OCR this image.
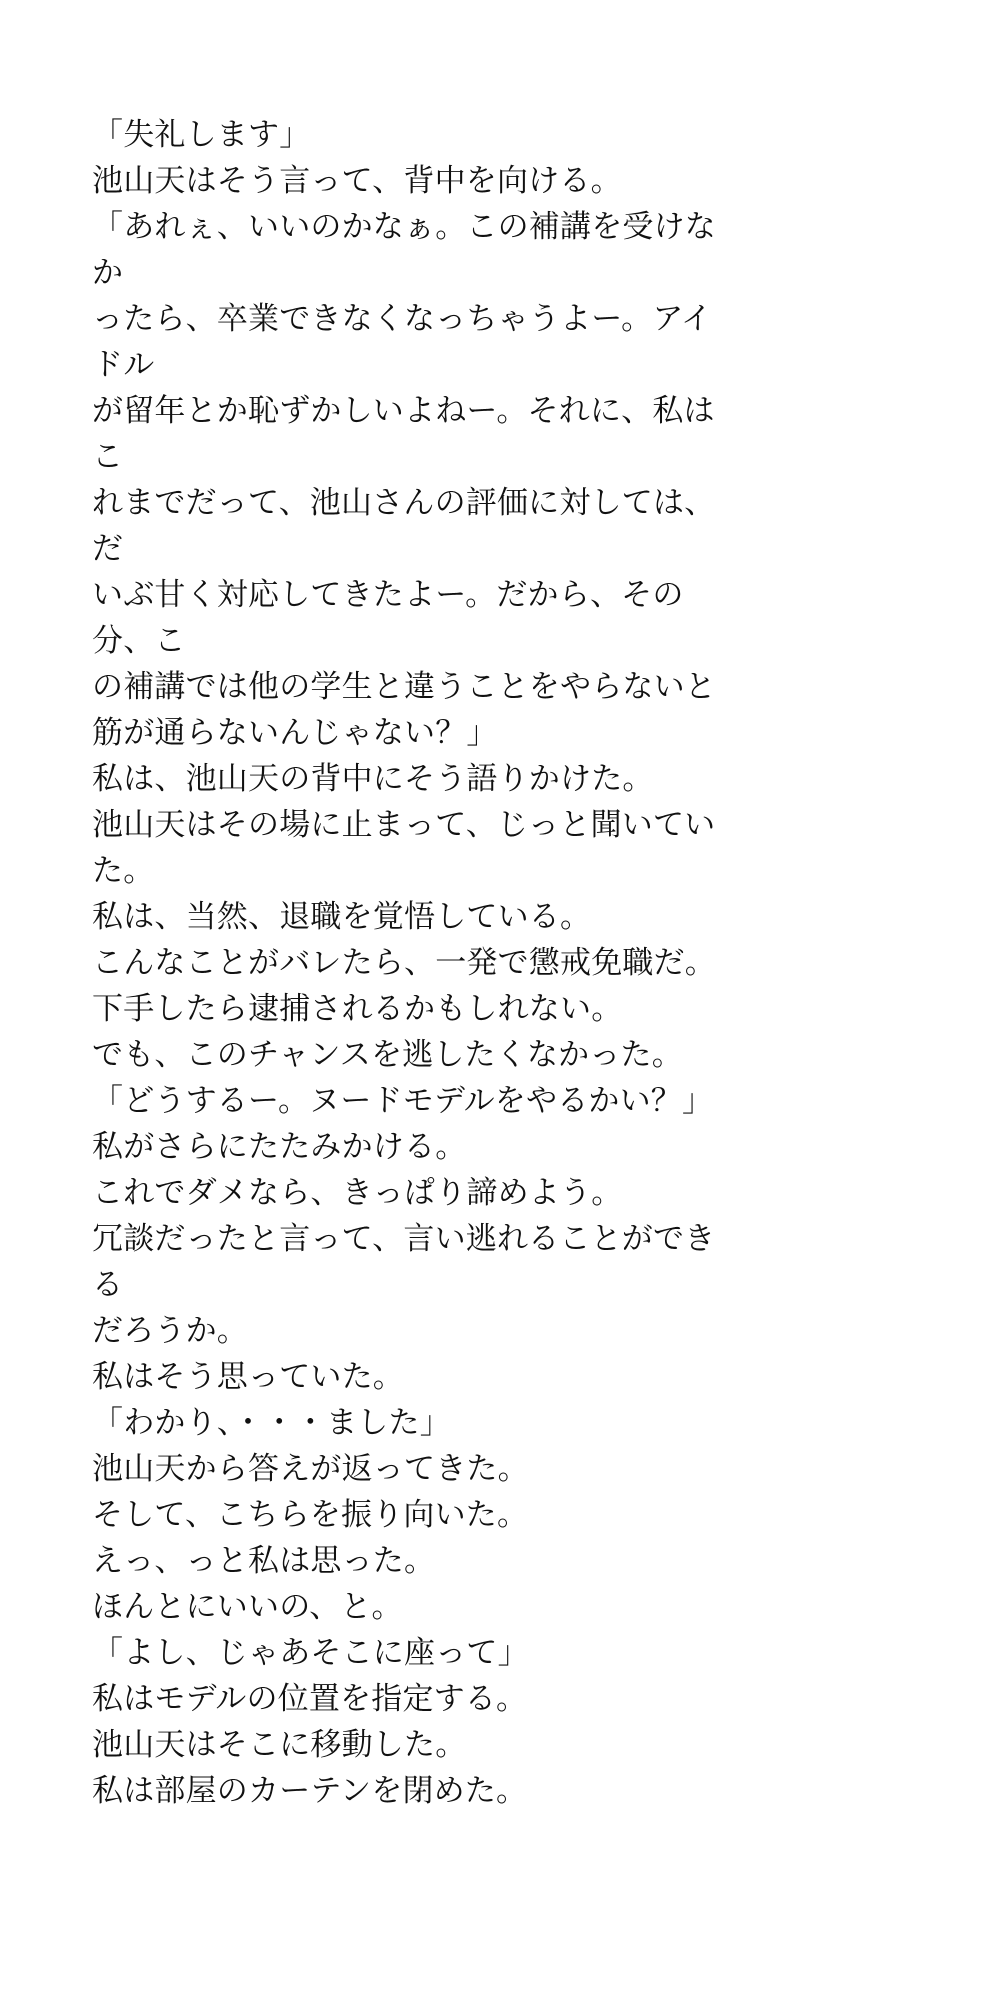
「失礼します」
池山天はそう言って、背中を向ける。
「あれぇ、いいのかなぁ。この補講を受けなか
ったら、卒業できなくなっちゃうよー。アイドル
が留年とか恥ずかしいよねー。それに、私はこ
れまでだって、池山さんの評価に対しては、だ
いぶ甘く対応してきたよー。だから、その分、こ
の補講では他の学生と違うことをやらないと
筋が通らないんじゃない？」
私は、池山天の背中にそう語りかけた。
池山天はその場に止まって、じっと聞いていた。
私は、当然、退職を覚悟している。
こんなことがバレたら、一発で懲戒免職だ。
下手したら逮捕されるかもしれない。
でも、このチャンスを逃したくなかった。
「どうするー。ヌードモデルをやるかい？」
私がさらにたたみかける。
これでダメなら、きっぱり諦めよう。
冗談だったと言って、言い逃れることができる
だろうか。
私はそう思っていた。
「わかり、・・・ました」
池山天から答えが返ってきた。
そして、こちらを振り向いた。
えっ、っと私は思った。
ほんとにいいの、と。
「よし、じゃあそこに座って」
私はモデルの位置を指定する。
池山天はそこに移動した。
私は部屋のカーテンを閉めた。
